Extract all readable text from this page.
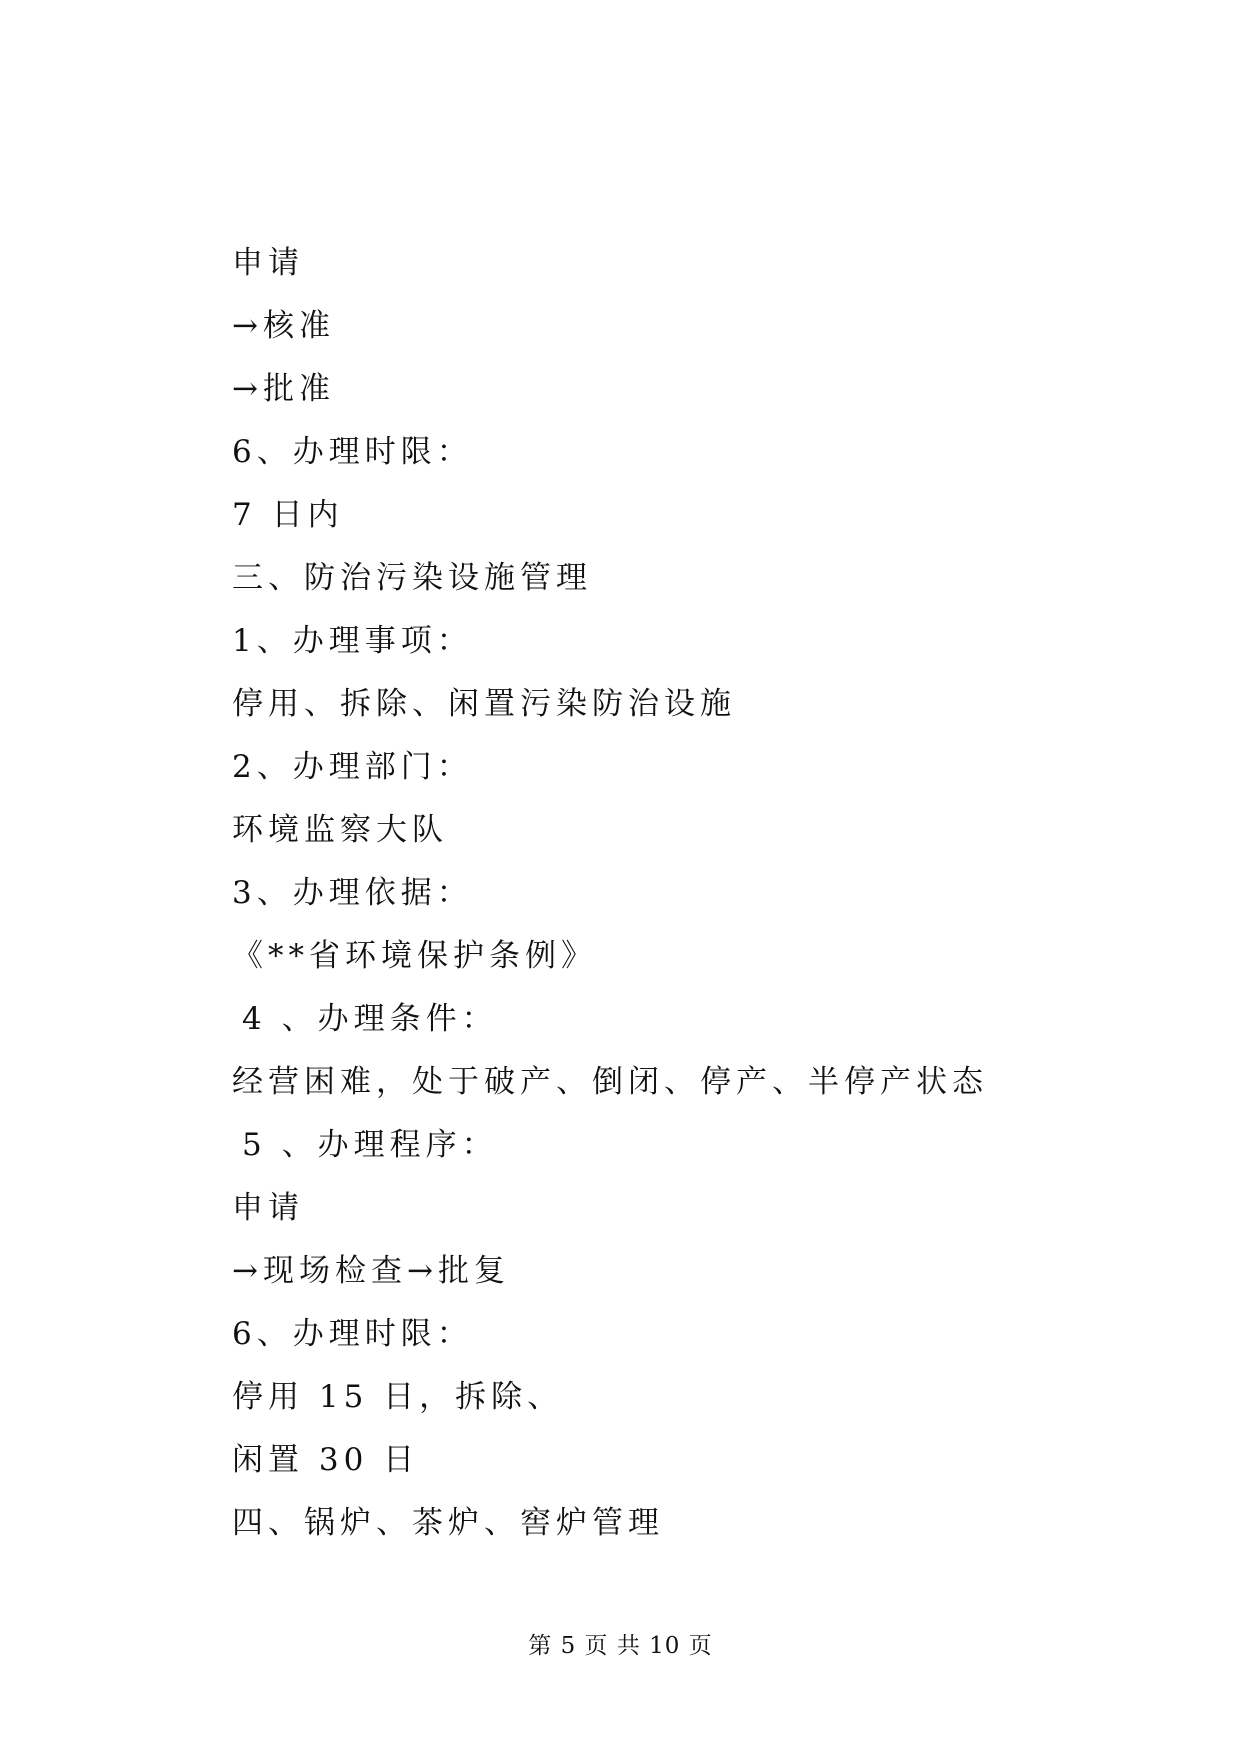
申请
→核准
→批准
6、办理时限：
7 日内
三、防治污染设施管理
1、办理事项：
停用、拆除、闲置污染防治设施
2、办理部门：
环境监察大队
3、办理依据：
《**省环境保护条例》
4 、办理条件：
经营困难，处于破产、倒闭、停产、半停产状态
5 、办理程序：
申请
→现场检查→批复
6、办理时限：
停用 15 日，拆除、
闲置 30 日
四、锅炉、茶炉、窖炉管理
第 5 页 共 10 页
